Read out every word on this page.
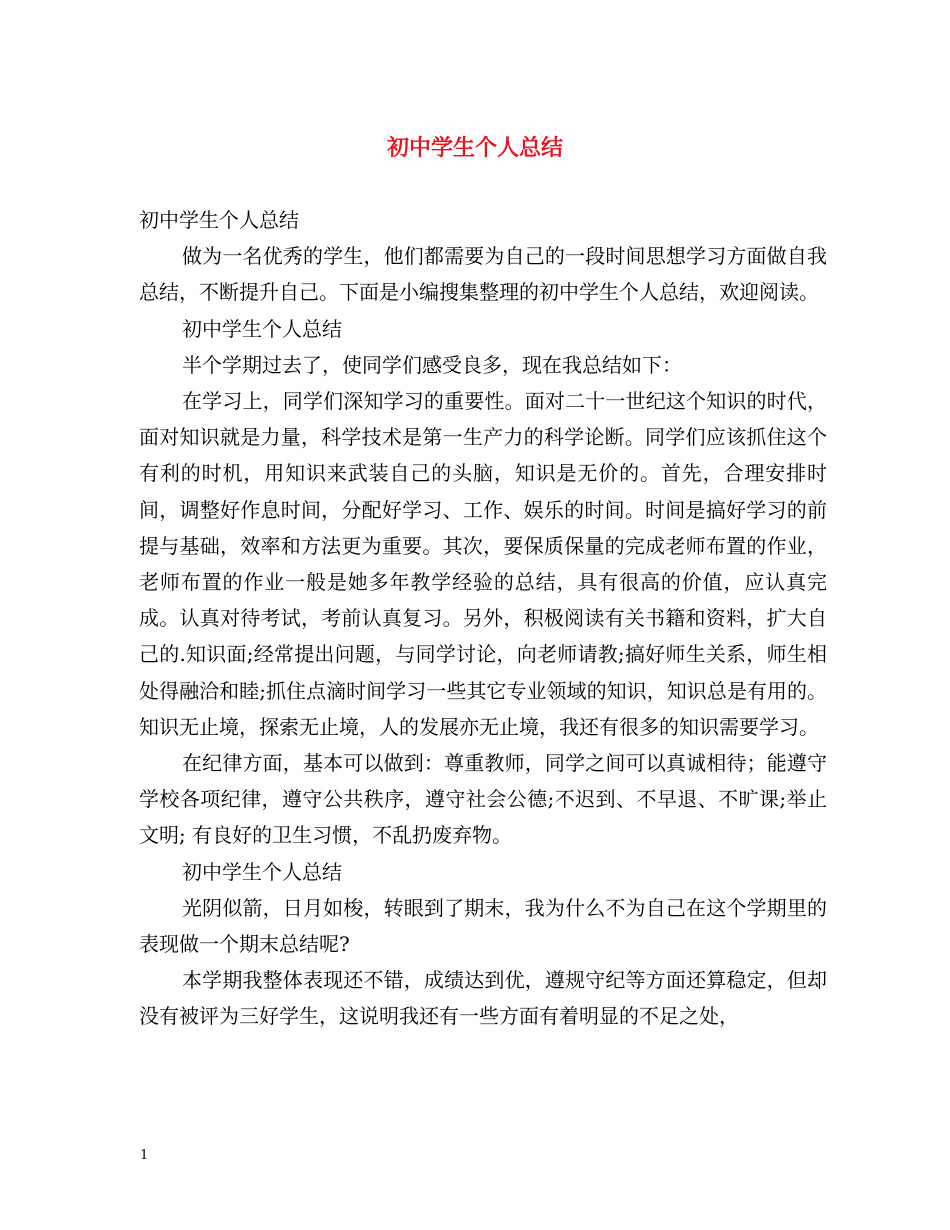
初中学生个人总结

初中学生个人总结

做为一名优秀的学生，他们都需要为自己的一段时间思想学习方面做自我总结，不断提升自己。下面是小编搜集整理的初中学生个人总结，欢迎阅读。

初中学生个人总结

半个学期过去了，使同学们感受良多，现在我总结如下：

在学习上，同学们深知学习的重要性。面对二十一世纪这个知识的时代，面对知识就是力量，科学技术是第一生产力的科学论断。同学们应该抓住这个有利的时机，用知识来武装自己的头脑，知识是无价的。首先，合理安排时间，调整好作息时间，分配好学习、工作、娱乐的时间。时间是搞好学习的前提与基础，效率和方法更为重要。其次，要保质保量的完成老师布置的作业，老师布置的作业一般是她多年教学经验的总结，具有很高的价值，应认真完成。认真对待考试，考前认真复习。另外，积极阅读有关书籍和资料，扩大自己的.知识面;经常提出问题，与同学讨论，向老师请教;搞好师生关系，师生相处得融洽和睦;抓住点滴时间学习一些其它专业领域的知识，知识总是有用的。知识无止境，探索无止境，人的发展亦无止境，我还有很多的知识需要学习。

在纪律方面，基本可以做到：尊重教师，同学之间可以真诚相待；能遵守学校各项纪律，遵守公共秩序，遵守社会公德;不迟到、不早退、不旷课;举止文明; 有良好的卫生习惯，不乱扔废弃物。

初中学生个人总结

光阴似箭，日月如梭，转眼到了期末，我为什么不为自己在这个学期里的表现做一个期末总结呢?

本学期我整体表现还不错，成绩达到优，遵规守纪等方面还算稳定，但却没有被评为三好学生，这说明我还有一些方面有着明显的不足之处，

1
